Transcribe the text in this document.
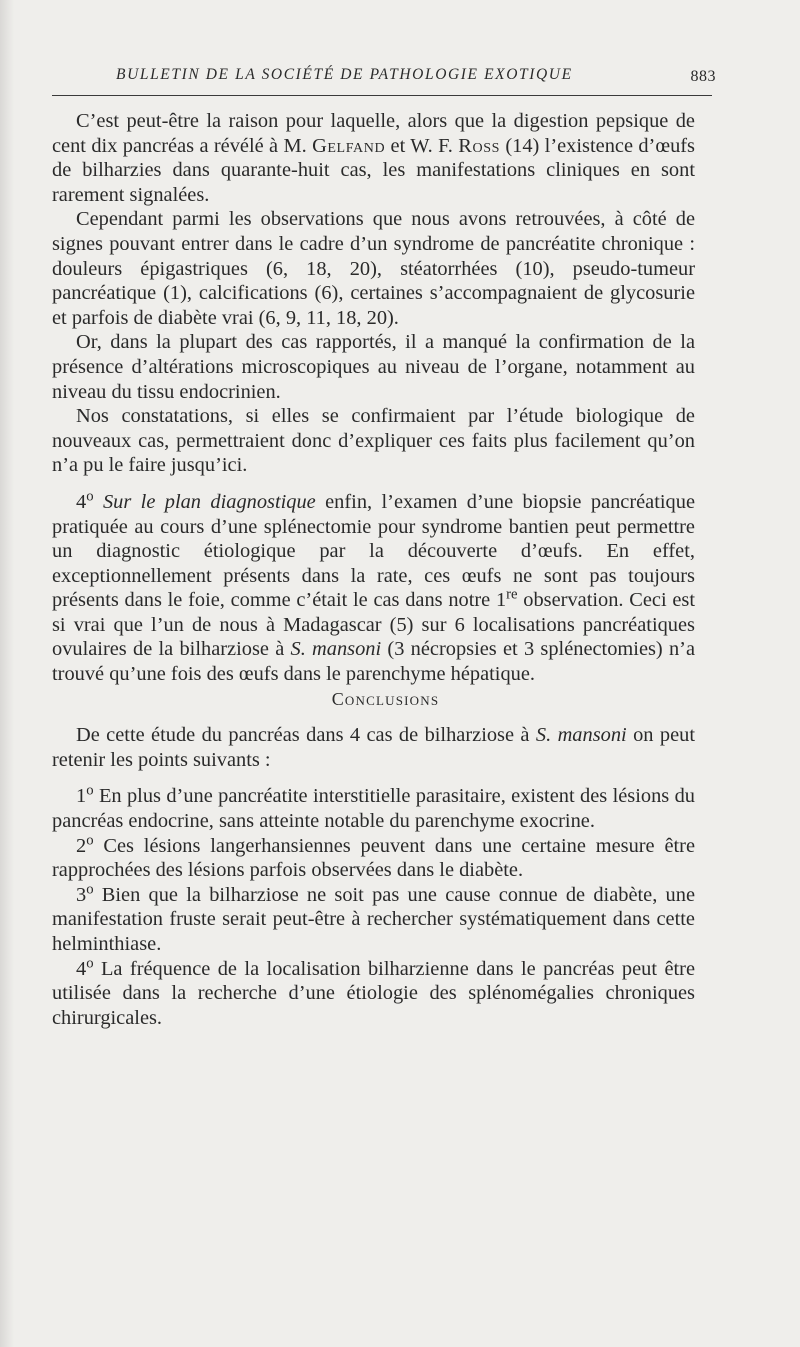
BULLETIN DE LA SOCIÉTÉ DE PATHOLOGIE EXOTIQUE	883

C’est peut-être la raison pour laquelle, alors que la digestion pepsique de cent dix pancréas a révélé à M. Gelfand et W. F. Ross (14) l’existence d’œufs de bilharzies dans quarante-huit cas, les manifestations cliniques en sont rarement signalées.

Cependant parmi les observations que nous avons retrouvées, à côté de signes pouvant entrer dans le cadre d’un syndrome de pancréatite chronique : douleurs épigastriques (6, 18, 20), stéatorrhées (10), pseudo-tumeur pancréatique (1), calcifications (6), certaines s’accompagnaient de glycosurie et parfois de diabète vrai (6, 9, 11, 18, 20).

Or, dans la plupart des cas rapportés, il a manqué la confirmation de la présence d’altérations microscopiques au niveau de l’organe, notamment au niveau du tissu endocrinien.

Nos constatations, si elles se confirmaient par l’étude biologique de nouveaux cas, permettraient donc d’expliquer ces faits plus facilement qu’on n’a pu le faire jusqu’ici.

4$^o$ Sur le plan diagnostique enfin, l’examen d’une biopsie pancréatique pratiquée au cours d’une splénectomie pour syndrome bantien peut permettre un diagnostic étiologique par la découverte d’œufs. En effet, exceptionnellement présents dans la rate, ces œufs ne sont pas toujours présents dans le foie, comme c’était le cas dans notre 1re observation. Ceci est si vrai que l’un de nous à Madagascar (5) sur 6 localisations pancréatiques ovulaires de la bilharziose à S. mansoni (3 nécropsies et 3 splénectomies) n’a trouvé qu’une fois des œufs dans le parenchyme hépatique.

Conclusions

De cette étude du pancréas dans 4 cas de bilharziose à S. mansoni on peut retenir les points suivants :

1$^o$ En plus d’une pancréatite interstitielle parasitaire, existent des lésions du pancréas endocrine, sans atteinte notable du parenchyme exocrine.

2$^o$ Ces lésions langerhansiennes peuvent dans une certaine mesure être rapprochées des lésions parfois observées dans le diabète.

3$^o$ Bien que la bilharziose ne soit pas une cause connue de diabète, une manifestation fruste serait peut-être à rechercher systématiquement dans cette helminthiase.

4$^o$ La fréquence de la localisation bilharzienne dans le pancréas peut être utilisée dans la recherche d’une étiologie des splénomégalies chroniques chirurgicales.
